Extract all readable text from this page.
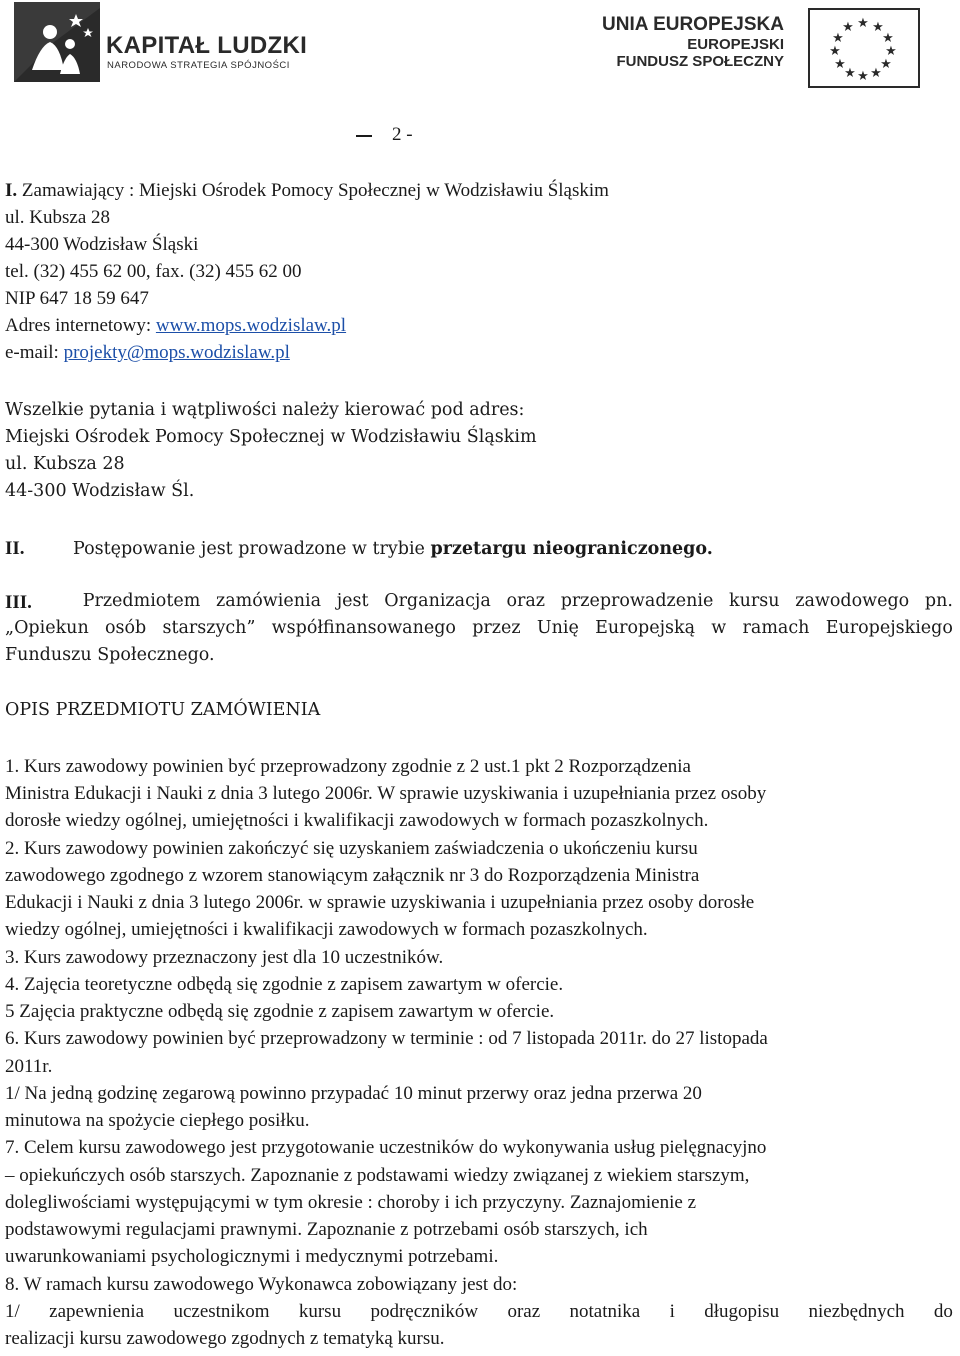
KAPITAŁ LUDZKI
NARODOWA STRATEGIA SPÓJNOŚCI
UNIA EUROPEJSKA
EUROPEJSKI
FUNDUSZ SPOŁECZNY
★ ★
★
★
★
★
★
★
★
★
★
★
2 -
I. Zamawiający : Miejski Ośrodek Pomocy Społecznej w Wodzisławiu Śląskim
ul. Kubsza 28
44-300 Wodzisław Śląski
tel. (32) 455 62 00, fax. (32) 455 62 00
NIP 647 18 59 647
Adres internetowy: www.mops.wodzislaw.pl
e-mail: projekty@mops.wodzislaw.pl
Wszelkie pytania i wątpliwości należy kierować pod adres:
Miejski Ośrodek Pomocy Społecznej w Wodzisławiu Śląskim
ul. Kubsza 28
44-300 Wodzisław Śl.
II.	Postępowanie jest prowadzone w trybie przetargu nieograniczonego.
III.	Przedmiotem zamówienia jest Organizacja oraz przeprowadzenie kursu zawodowego pn.
„Opiekun osób starszych” współfinansowanego przez Unię Europejską w ramach Europejskiego
Funduszu Społecznego.
OPIS PRZEDMIOTU ZAMÓWIENIA
1. Kurs zawodowy powinien być przeprowadzony zgodnie z 2 ust.1 pkt 2 Rozporządzenia
Ministra Edukacji i Nauki z dnia 3 lutego 2006r. W sprawie uzyskiwania i uzupełniania przez osoby
dorosłe wiedzy ogólnej, umiejętności i kwalifikacji zawodowych w formach pozaszkolnych.
2. Kurs zawodowy powinien zakończyć się uzyskaniem zaświadczenia o ukończeniu kursu
zawodowego zgodnego z wzorem stanowiącym załącznik nr 3 do Rozporządzenia Ministra
Edukacji i Nauki z dnia 3 lutego 2006r. w sprawie uzyskiwania i uzupełniania przez osoby dorosłe
wiedzy ogólnej, umiejętności i kwalifikacji zawodowych w formach pozaszkolnych.
3. Kurs zawodowy przeznaczony jest dla 10 uczestników.
4. Zajęcia teoretyczne odbędą się zgodnie z zapisem zawartym w ofercie.
5 Zajęcia praktyczne odbędą się zgodnie z zapisem zawartym w ofercie.
6. Kurs zawodowy powinien być przeprowadzony w terminie : od 7 listopada 2011r. do 27 listopada
2011r.
1/ Na jedną godzinę zegarową powinno przypadać 10 minut przerwy oraz jedna przerwa 20
minutowa na spożycie ciepłego posiłku.
7. Celem kursu zawodowego jest przygotowanie uczestników do wykonywania usług pielęgnacyjno
– opiekuńczych osób starszych. Zapoznanie z podstawami wiedzy związanej z wiekiem starszym,
dolegliwościami występującymi w tym okresie : choroby i ich przyczyny. Zaznajomienie z
podstawowymi regulacjami prawnymi. Zapoznanie z potrzebami osób starszych, ich
uwarunkowaniami psychologicznymi i medycznymi potrzebami.
8. W ramach kursu zawodowego Wykonawca zobowiązany jest do:
1/ zapewnienia uczestnikom kursu podręczników oraz notatnika i długopisu niezbędnych do
realizacji kursu zawodowego zgodnych z tematyką kursu.
